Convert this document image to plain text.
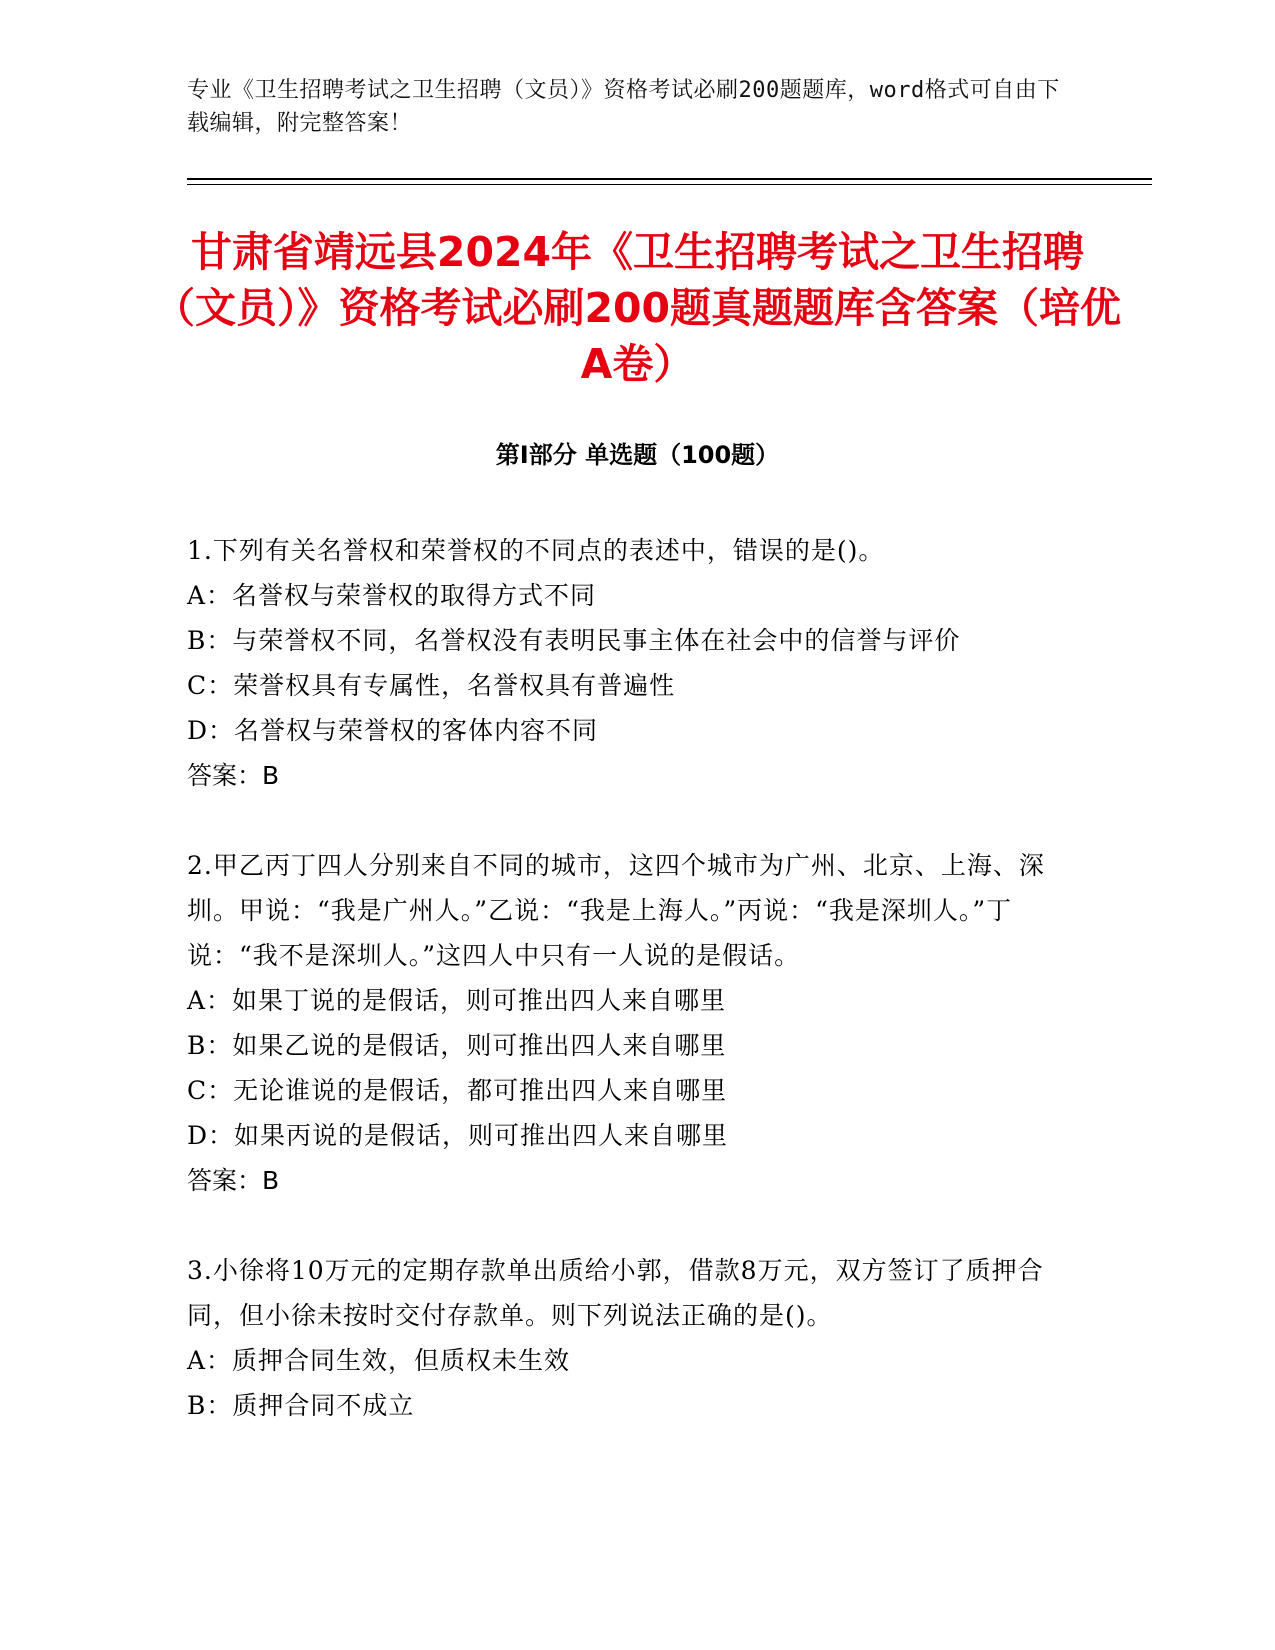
专业《卫生招聘考试之卫生招聘（文员）》资格考试必刷200题题库，word格式可自由下载编辑，附完整答案！
甘肃省靖远县2024年《卫生招聘考试之卫生招聘（文员）》资格考试必刷200题真题题库含答案（培优A卷）
第I部分 单选题（100题）

1.下列有关名誉权和荣誉权的不同点的表述中，错误的是()。

A：名誉权与荣誉权的取得方式不同

B：与荣誉权不同，名誉权没有表明民事主体在社会中的信誉与评价

C：荣誉权具有专属性，名誉权具有普遍性

D：名誉权与荣誉权的客体内容不同

答案：B

2.甲乙丙丁四人分别来自不同的城市，这四个城市为广州、北京、上海、深圳。甲说：“我是广州人。”乙说：“我是上海人。”丙说：“我是深圳人。”丁说：“我不是深圳人。”这四人中只有一人说的是假话。

A：如果丁说的是假话，则可推出四人来自哪里

B：如果乙说的是假话，则可推出四人来自哪里

C：无论谁说的是假话，都可推出四人来自哪里

D：如果丙说的是假话，则可推出四人来自哪里

答案：B

3.小徐将10万元的定期存款单出质给小郭，借款8万元，双方签订了质押合同，但小徐未按时交付存款单。则下列说法正确的是()。

A：质押合同生效，但质权未生效

B：质押合同不成立
